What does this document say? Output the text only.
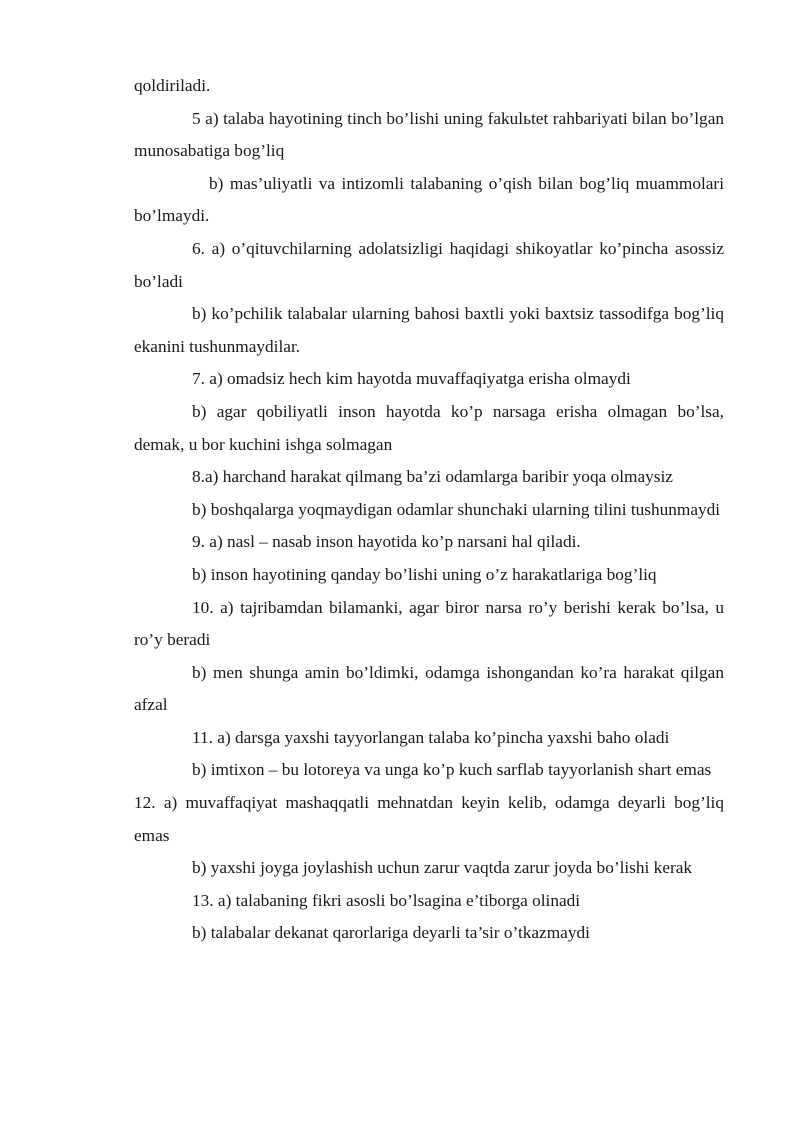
qoldiriladi.

5 a) talaba hayotining tinch bo’lishi uning fakulьtet rahbariyati bilan bo’lgan munosabatiga bog’liq

b) mas’uliyatli va intizomli talabaning o’qish bilan bog’liq muammolari bo’lmaydi.

6. a) o’qituvchilarning adolatsizligi haqidagi shikoyatlar ko’pincha asossiz bo’ladi

b) ko’pchilik talabalar ularning bahosi baxtli yoki baxtsiz tassodifga bog’liq ekanini tushunmaydilar.

7. a) omadsiz hech kim hayotda muvaffaqiyatga erisha olmaydi

b) agar qobiliyatli inson hayotda ko’p narsaga erisha olmagan bo’lsa, demak, u bor kuchini ishga solmagan

8.a) harchand harakat qilmang ba’zi odamlarga baribir yoqa olmaysiz

b) boshqalarga yoqmaydigan odamlar shunchaki ularning tilini tushunmaydi

9. a) nasl – nasab inson hayotida ko’p narsani hal qiladi.

b) inson hayotining qanday bo’lishi uning o’z harakatlariga bog’liq

10. a) tajribamdan bilamanki, agar biror narsa ro’y berishi kerak bo’lsa, u ro’y beradi

b) men shunga amin bo’ldimki, odamga ishongandan ko’ra harakat qilgan afzal

11. a) darsga yaxshi tayyorlangan talaba ko’pincha yaxshi baho oladi

b) imtixon – bu lotoreya va unga ko’p kuch sarflab tayyorlanish shart emas

12. a) muvaffaqiyat mashaqqatli mehnatdan keyin kelib, odamga deyarli bog’liq emas

b) yaxshi joyga joylashish uchun zarur vaqtda zarur joyda bo’lishi kerak

13. a) talabaning fikri asosli bo’lsagina e’tiborga olinadi

b) talabalar dekanat qarorlariga deyarli ta’sir o’tkazmaydi
